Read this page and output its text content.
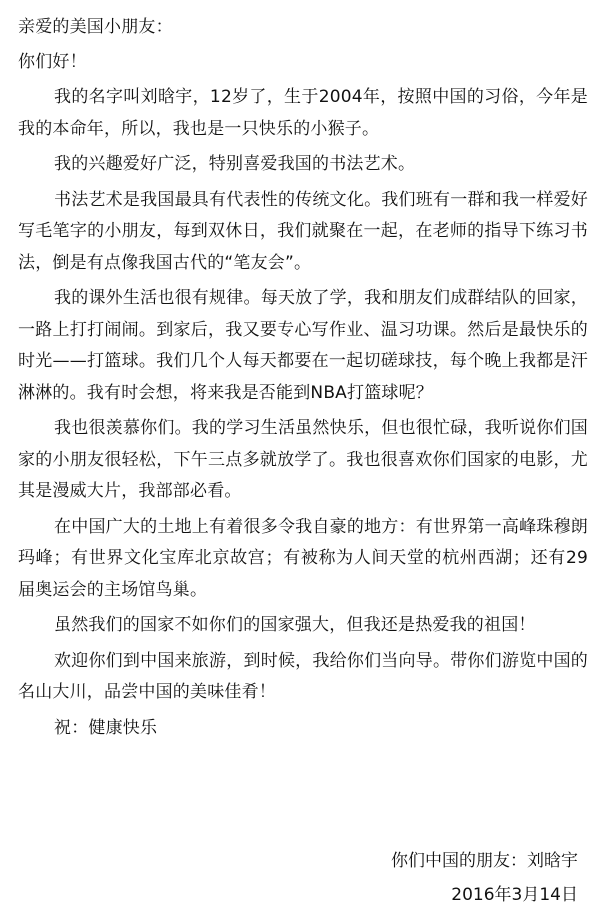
亲爱的美国小朋友：

你们好！

我的名字叫刘晗宇，12岁了，生于2004年，按照中国的习俗，今年是我的本命年，所以，我也是一只快乐的小猴子。

我的兴趣爱好广泛，特别喜爱我国的书法艺术。

书法艺术是我国最具有代表性的传统文化。我们班有一群和我一样爱好写毛笔字的小朋友，每到双休日，我们就聚在一起，在老师的指导下练习书法，倒是有点像我国古代的“笔友会”。

我的课外生活也很有规律。每天放了学，我和朋友们成群结队的回家，一路上打打闹闹。到家后，我又要专心写作业、温习功课。然后是最快乐的时光——打篮球。我们几个人每天都要在一起切磋球技，每个晚上我都是汗淋淋的。我有时会想，将来我是否能到NBA打篮球呢？

我也很羡慕你们。我的学习生活虽然快乐，但也很忙碌，我听说你们国家的小朋友很轻松，下午三点多就放学了。我也很喜欢你们国家的电影，尤其是漫威大片，我部部必看。

在中国广大的土地上有着很多令我自豪的地方：有世界第一高峰珠穆朗玛峰；有世界文化宝库北京故宫；有被称为人间天堂的杭州西湖；还有29届奥运会的主场馆鸟巢。

虽然我们的国家不如你们的国家强大，但我还是热爱我的祖国！

欢迎你们到中国来旅游，到时候，我给你们当向导。带你们游览中国的名山大川，品尝中国的美味佳肴！

祝：健康快乐

你们中国的朋友：刘晗宇
2016年3月14日
